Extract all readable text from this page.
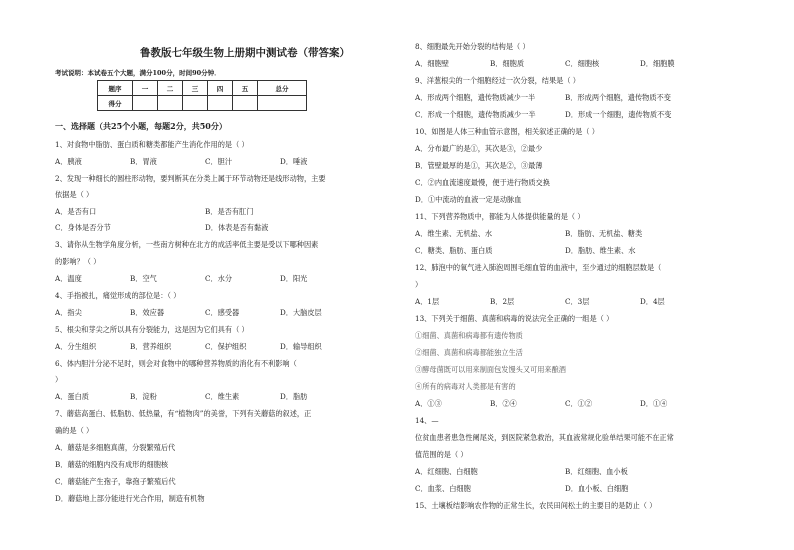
鲁教版七年级生物上册期中测试卷（带答案）
考试说明：本试卷五个大题，满分100分，时间90分钟．
题序	一	二	三	四	五	总分
得分						
一、选择题（共25个小题，每题2分，共50分）
1、对食物中脂肪、蛋白质和糖类都能产生消化作用的是（ ）
A．胰液	B．胃液	C．胆汁	D．唾液
2、发现一种细长的圆柱形动物，要判断其在分类上属于环节动物还是线形动物，主要
依据是（ ）
A．是否有口	B．是否有肛门
C．身体是否分节	D．体表是否有黏液
3、请你从生物学角度分析，一些南方树种在北方的成活率低主要是受以下哪种因素
的影响？（ ）
A．温度	B．空气	C．水分	D．阳光
4、手指被扎，痛觉形成的部位是：（ ）
A．指尖	B．效应器	C．感受器	D．大脑皮层
5、根尖和芽尖之所以具有分裂能力，这是因为它们具有（ ）
A．分生组织	B．营养组织	C．保护组织	D．输导组织
6、体内胆汁分泌不足时，则会对食物中的哪种营养物质的消化有不利影响（
）
A．蛋白质	B．淀粉	C．维生素	D．脂肪
7、蘑菇高蛋白、低脂肪、低热量，有“植物肉”的美誉，下列有关蘑菇的叙述，正
确的是（ ）
A．蘑菇是多细胞真菌，分裂繁殖后代
B．蘑菇的细胞内没有成形的细胞核
C．蘑菇能产生孢子，靠孢子繁殖后代
D．蘑菇地上部分能进行光合作用，制造有机物
8、细胞最先开始分裂的结构是（ ）
A．细胞壁	B．细胞质	C．细胞核	D．细胞膜
9、洋葱根尖的一个细胞经过一次分裂，结果是（ ）
A．形成两个细胞，遗传物质减少一半	B．形成两个细胞，遗传物质不变
C．形成一个细胞，遗传物质减少一半	D．形成一个细胞，遗传物质不变
10、如图是人体三种血管示意图，相关叙述正确的是（ ）
A．分布最广的是①，其次是③，②最少
B．管壁最厚的是①，其次是②，③最薄
C．②内血流速度最慢，便于进行物质交换
D．①中流动的血液一定是动脉血
11、下列营养物质中，都能为人体提供能量的是（ ）
A．维生素、无机盐、水	B．脂肪、无机盐、糖类
C．糖类、脂肪、蛋白质	D．脂肪、维生素、水
12、肺泡中的氧气进入肺泡周围毛细血管的血液中，至少通过的细胞层数是（
）
A．1层	B．2层	C．3层	D．4层
13、下列关于细菌、真菌和病毒的说法完全正确的一组是（ ）
①细菌、真菌和病毒都有遗传物质
②细菌、真菌和病毒都能独立生活
③酵母菌既可以用来制面包发馒头又可用来酿酒
④所有的病毒对人类都是有害的
A．①③	B．②④	C．①②	D．①④
14、—
位贫血患者患急性阑尾炎，到医院紧急救治，其血液常规化验单结果可能不在正常
值范围的是（ ）
A．红细胞、白细胞	B．红细胞、血小板
C．血浆、白细胞	D．血小板、白细胞
15、土壤板结影响农作物的正常生长，农民田间松土的主要目的是防止（ ）
